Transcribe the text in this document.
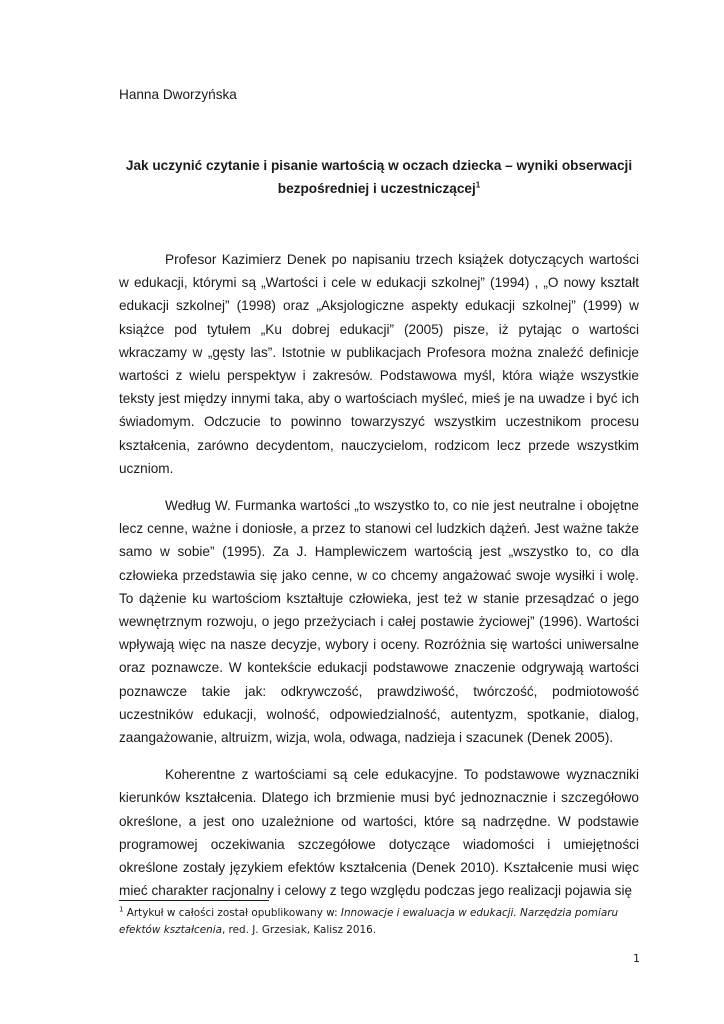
Hanna Dworzyńska
Jak uczynić czytanie i pisanie wartością w oczach dziecka – wyniki obserwacji bezpośredniej i uczestniczącej$^1$

Profesor Kazimierz Denek po napisaniu trzech książek dotyczących wartości w edukacji, którymi są „Wartości i cele w edukacji szkolnej” (1994) , „O nowy kształt edukacji szkolnej” (1998) oraz „Aksjologiczne aspekty edukacji szkolnej” (1999) w książce pod tytułem „Ku dobrej edukacji” (2005) pisze, iż pytając o wartości wkraczamy w „gęsty las”. Istotnie w publikacjach Profesora można znaleźć definicje wartości z wielu perspektyw i zakresów. Podstawowa myśl, która wiąże wszystkie teksty jest między innymi taka, aby o wartościach myśleć, mieś je na uwadze i być ich świadomym. Odczucie to powinno towarzyszyć wszystkim uczestnikom procesu kształcenia, zarówno decydentom, nauczycielom, rodzicom lecz przede wszystkim uczniom.

Według W. Furmanka wartości „to wszystko to, co nie jest neutralne i obojętne lecz cenne, ważne i doniosłe, a przez to stanowi cel ludzkich dążeń. Jest ważne także samo w sobie” (1995). Za J. Hamplewiczem wartością jest „wszystko to, co dla człowieka przedstawia się jako cenne, w co chcemy angażować swoje wysiłki i wolę. To dążenie ku wartościom kształtuje człowieka, jest też w stanie przesądzać o jego wewnętrznym rozwoju, o jego przeżyciach i całej postawie życiowej” (1996). Wartości wpływają więc na nasze decyzje, wybory i oceny. Rozróżnia się wartości uniwersalne oraz poznawcze. W kontekście edukacji podstawowe znaczenie odgrywają wartości poznawcze takie jak: odkrywczość, prawdziwość, twórczość, podmiotowość uczestników edukacji, wolność, odpowiedzialność, autentyzm, spotkanie, dialog, zaangażowanie, altruizm, wizja, wola, odwaga, nadzieja i szacunek (Denek 2005).

Koherentne z wartościami są cele edukacyjne. To podstawowe wyznaczniki kierunków kształcenia. Dlatego ich brzmienie musi być jednoznacznie i szczegółowo określone, a jest ono uzależnione od wartości, które są nadrzędne. W podstawie programowej oczekiwania szczegółowe dotyczące wiadomości i umiejętności określone zostały językiem efektów kształcenia (Denek 2010). Kształcenie musi więc mieć charakter racjonalny i celowy z tego względu podczas jego realizacji pojawia się

$^1$ Artykuł w całości został opublikowany w: Innowacje i ewaluacja w edukacji. Narzędzia pomiaru efektów kształcenia, red. J. Grzesiak, Kalisz 2016.
1
